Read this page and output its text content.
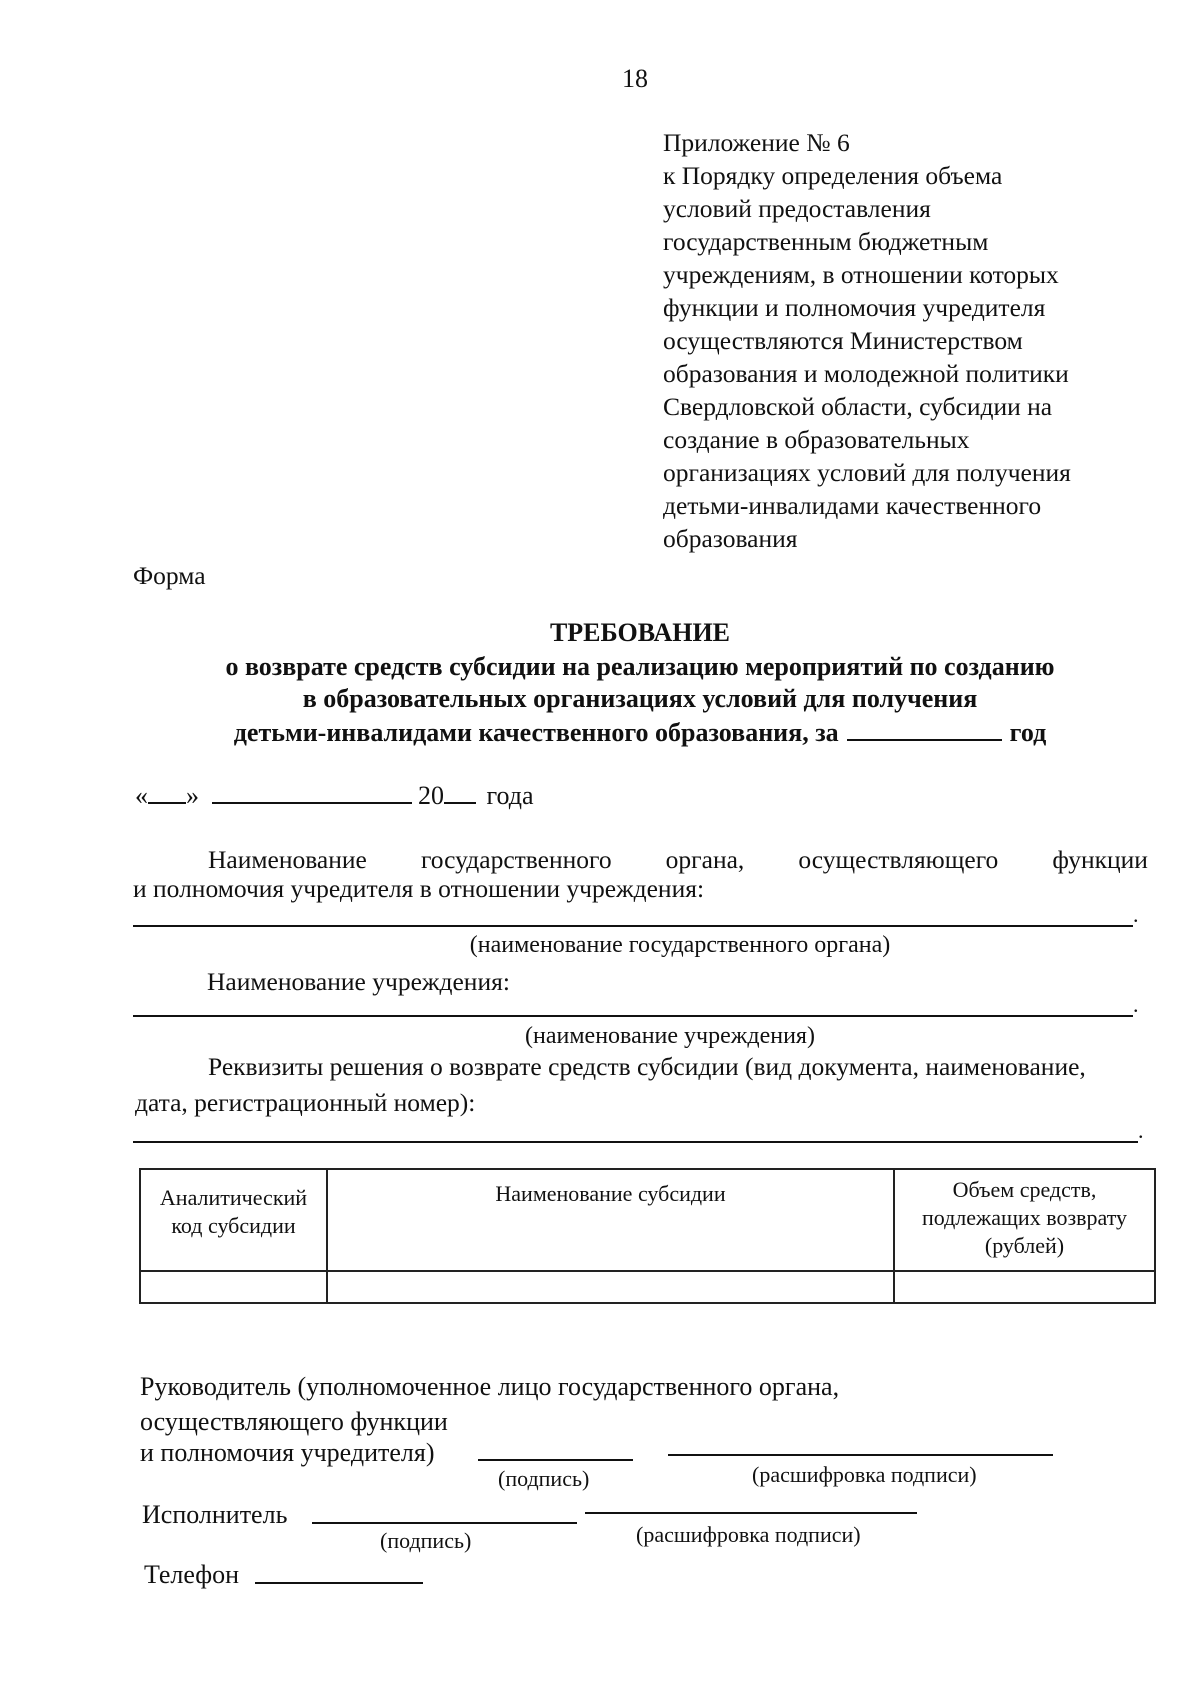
18
Приложение № 6
к Порядку определения объема
условий предоставления
государственным бюджетным
учреждениям, в отношении которых
функции и полномочия учредителя
осуществляются Министерством
образования и молодежной политики
Свердловской области, субсидии на
создание в образовательных
организациях условий для получения
детьми-инвалидами качественного
образования
Форма
ТРЕБОВАНИЕ
о возврате средств субсидии на реализацию мероприятий по созданию
в образовательных организациях условий для получения
детьми-инвалидами качественного образования, за	год
« »	20 года
Наименование государственного органа, осуществляющего функции
и полномочия учредителя в отношении учреждения:
.
(наименование государственного органа)
Наименование учреждения:
.
(наименование учреждения)
Реквизиты решения о возврате средств субсидии (вид документа, наименование,
дата, регистрационный номер):
.
Аналитический код субсидии	Наименование субсидии	Объем средств, подлежащих возврату (рублей)

Руководитель (уполномоченное лицо государственного органа,
осуществляющего функции
и полномочия учредителя)
(подпись)	(расшифровка подписи)
Исполнитель
(подпись)	(расшифровка подписи)
Телефон
